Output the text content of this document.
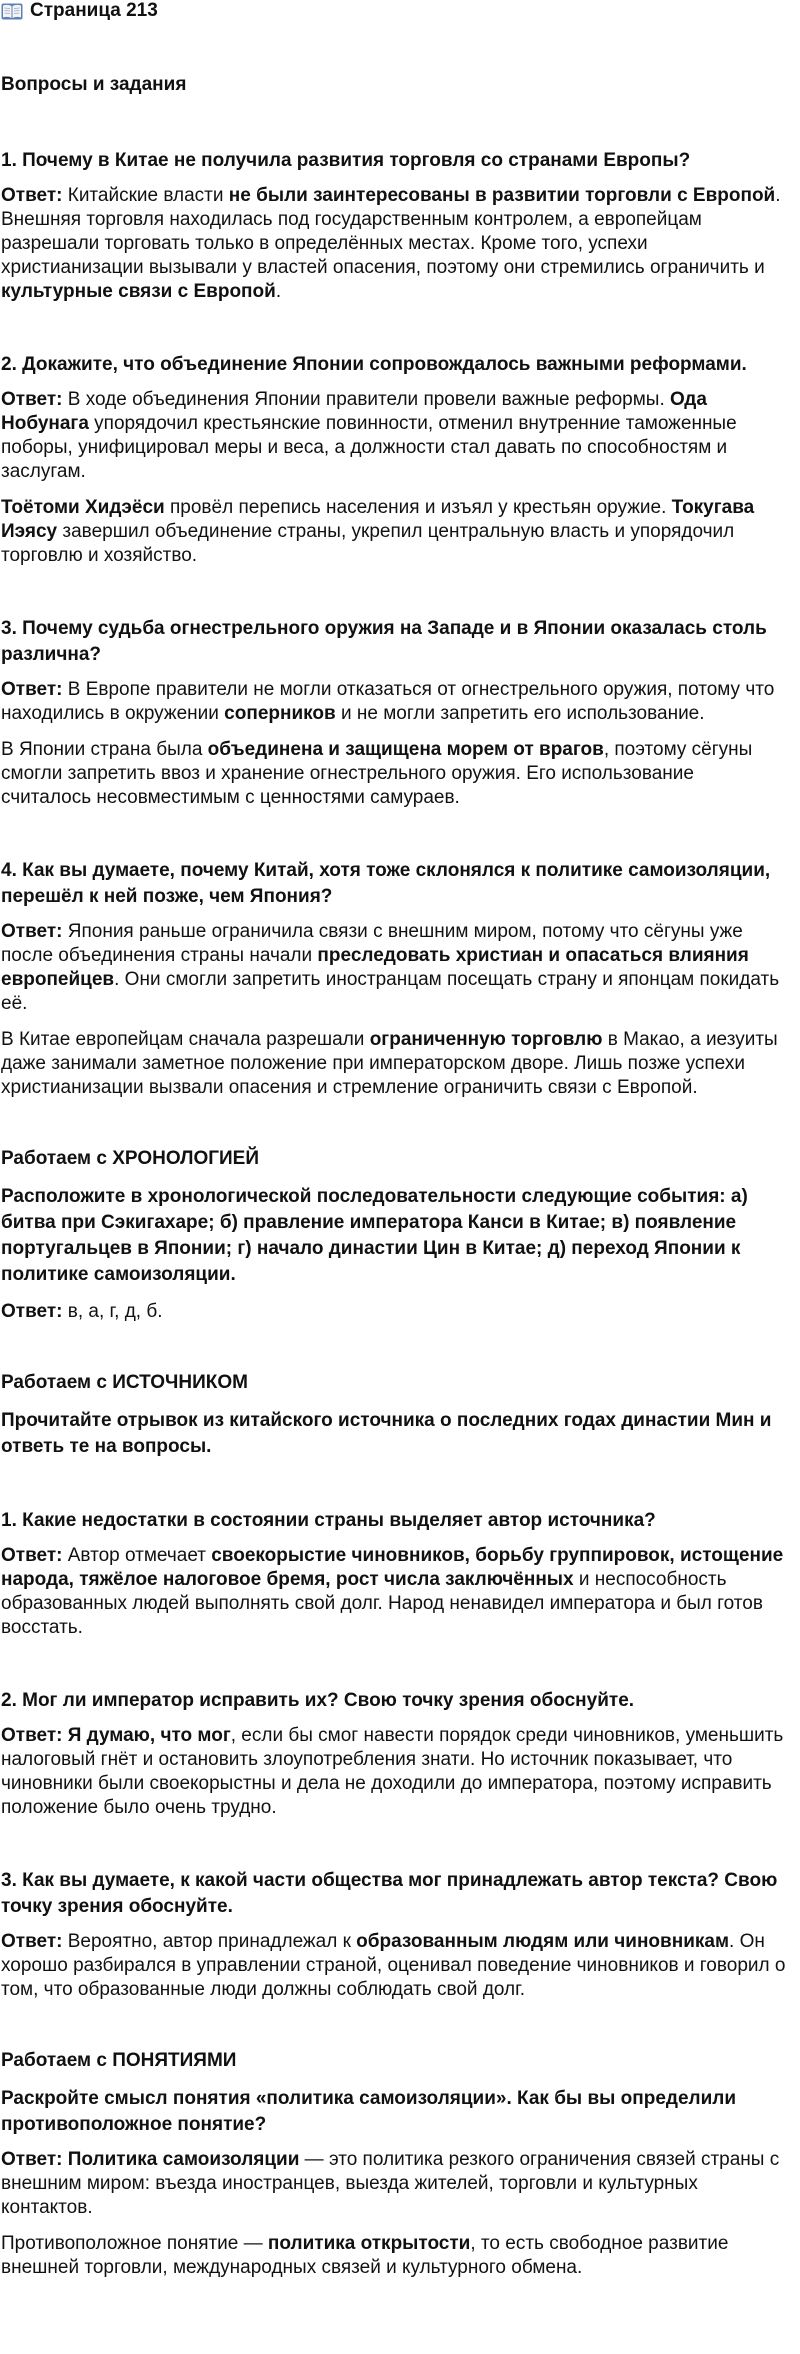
Страница 213
Вопросы и задания
1. Почему в Китае не получила развития торговля со странами Европы?

Ответ: Китайские власти не были заинтересованы в развитии торговли с Европой. Внешняя торговля находилась под государственным контролем, а европейцам разрешали торговать только в определённых местах. Кроме того, успехи христианизации вызывали у властей опасения, поэтому они стремились ограничить и культурные связи с Европой.

2. Докажите, что объединение Японии сопровождалось важными реформами.

Ответ: В ходе объединения Японии правители провели важные реформы. Ода Нобунага упорядочил крестьянские повинности, отменил внутренние таможенные поборы, унифицировал меры и веса, а должности стал давать по способностям и заслугам.

Тоётоми Хидэёси провёл перепись населения и изъял у крестьян оружие. Токугава Иэясу завершил объединение страны, укрепил центральную власть и упорядочил торговлю и хозяйство.

3. Почему судьба огнестрельного оружия на Западе и в Японии оказалась столь различна?

Ответ: В Европе правители не могли отказаться от огнестрельного оружия, потому что находились в окружении соперников и не могли запретить его использование.

В Японии страна была объединена и защищена морем от врагов, поэтому сёгуны смогли запретить ввоз и хранение огнестрельного оружия. Его использование считалось несовместимым с ценностями самураев.

4. Как вы думаете, почему Китай, хотя тоже склонялся к политике самоизоляции, перешёл к ней позже, чем Япония?

Ответ: Япония раньше ограничила связи с внешним миром, потому что сёгуны уже после объединения страны начали преследовать христиан и опасаться влияния европейцев. Они смогли запретить иностранцам посещать страну и японцам покидать её.

В Китае европейцам сначала разрешали ограниченную торговлю в Макао, а иезуиты даже занимали заметное положение при императорском дворе. Лишь позже успехи христианизации вызвали опасения и стремление ограничить связи с Европой.

Работаем с ХРОНОЛОГИЕЙ

Расположите в хронологической последовательности следующие события: а) битва при Сэкигахаре; б) правление императора Канси в Китае; в) появление португальцев в Японии; г) начало династии Цин в Китае; д) переход Японии к политике самоизоляции.

Ответ: в, а, г, д, б.

Работаем с ИСТОЧНИКОМ

Прочитайте отрывок из китайского источника о последних годах династии Мин и ответь те на вопросы.

1. Какие недостатки в состоянии страны выделяет автор источника?

Ответ: Автор отмечает своекорыстие чиновников, борьбу группировок, истощение народа, тяжёлое налоговое бремя, рост числа заключённых и неспособность образованных людей выполнять свой долг. Народ ненавидел императора и был готов восстать.

2. Мог ли император исправить их? Свою точку зрения обоснуйте.

Ответ: Я думаю, что мог, если бы смог навести порядок среди чиновников, уменьшить налоговый гнёт и остановить злоупотребления знати. Но источник показывает, что чиновники были своекорыстны и дела не доходили до императора, поэтому исправить положение было очень трудно.

3. Как вы думаете, к какой части общества мог принадлежать автор текста? Свою точку зрения обоснуйте.

Ответ: Вероятно, автор принадлежал к образованным людям или чиновникам. Он хорошо разбирался в управлении страной, оценивал поведение чиновников и говорил о том, что образованные люди должны соблюдать свой долг.

Работаем с ПОНЯТИЯМИ

Раскройте смысл понятия «политика самоизоляции». Как бы вы определили противоположное понятие?

Ответ: Политика самоизоляции — это политика резкого ограничения связей страны с внешним миром: въезда иностранцев, выезда жителей, торговли и культурных контактов.

Противоположное понятие — политика открытости, то есть свободное развитие внешней торговли, международных связей и культурного обмена.
